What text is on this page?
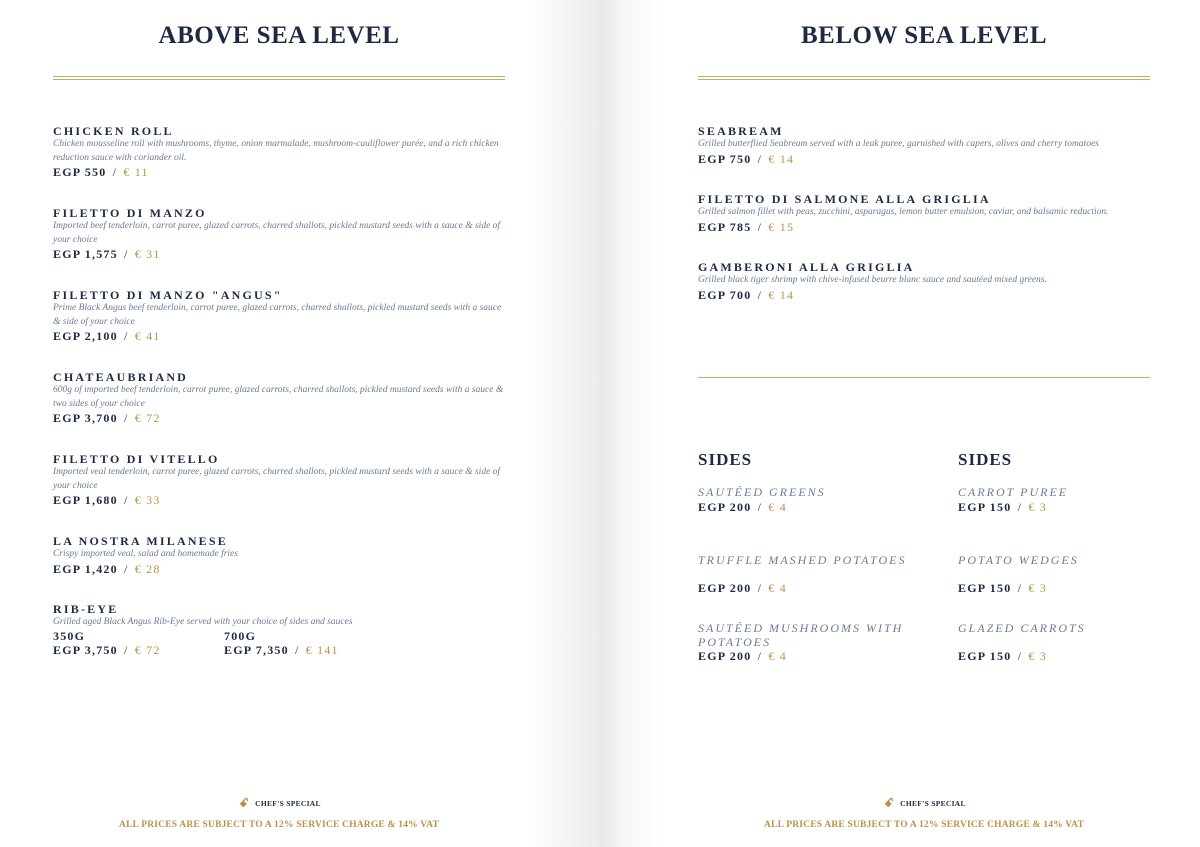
ABOVE SEA LEVEL
CHICKEN ROLL
Chicken mousseline roll with mushrooms, thyme, onion marmalade, mushroom-cauliflower purée, and a rich chicken reduction sauce with coriander oil.
EGP 550 / € 11
FILETTO DI MANZO
Imported beef tenderloin, carrot puree, glazed carrots, charred shallots, pickled mustard seeds with a sauce & side of your choice
EGP 1,575 / € 31
FILETTO DI MANZO "ANGUS"
Prime Black Angus beef tenderloin, carrot puree, glazed carrots, charred shallots, pickled mustard seeds with a sauce & side of your choice
EGP 2,100 / € 41
CHATEAUBRIAND
600g of imported beef tenderloin, carrot puree, glazed carrots, charred shallots, pickled mustard seeds with a sauce & two sides of your choice
EGP 3,700 / € 72
FILETTO DI VITELLO
Imported veal tenderloin, carrot puree, glazed carrots, charred shallots, pickled mustard seeds with a sauce & side of your choice
EGP 1,680 / € 33
LA NOSTRA MILANESE
Crispy imported veal, salad and homemade fries
EGP 1,420 / € 28
RIB-EYE
Grilled aged Black Angus Rib-Eye served with your choice of sides and sauces
350G
EGP 3,750 / € 72
700G
EGP 7,350 / € 141
ꗃ CHEF'S SPECIAL
ALL PRICES ARE SUBJECT TO A 12% SERVICE CHARGE & 14% VAT
BELOW SEA LEVEL
SEABREAM
Grilled butterflied Seabream served with a leak puree, garnished with capers, olives and cherry tomatoes
EGP 750 / € 14
FILETTO DI SALMONE ALLA GRIGLIA
Grilled salmon fillet with peas, zucchini, asparagus, lemon butter emulsion, caviar, and balsamic reduction.
EGP 785 / € 15
GAMBERONI ALLA GRIGLIA
Grilled black tiger shrimp with chive-infused beurre blanc sauce and sautéed mixed greens.
EGP 700 / € 14
SIDES
SAUTÉED GREENS
EGP 200 / € 4
TRUFFLE MASHED POTATOES
EGP 200 / € 4
SAUTÉED MUSHROOMS WITH POTATOES
EGP 200 / € 4
SIDES
CARROT PUREE
EGP 150 / € 3
POTATO WEDGES
EGP 150 / € 3
GLAZED CARROTS
EGP 150 / € 3
ꗃ CHEF'S SPECIAL
ALL PRICES ARE SUBJECT TO A 12% SERVICE CHARGE & 14% VAT
